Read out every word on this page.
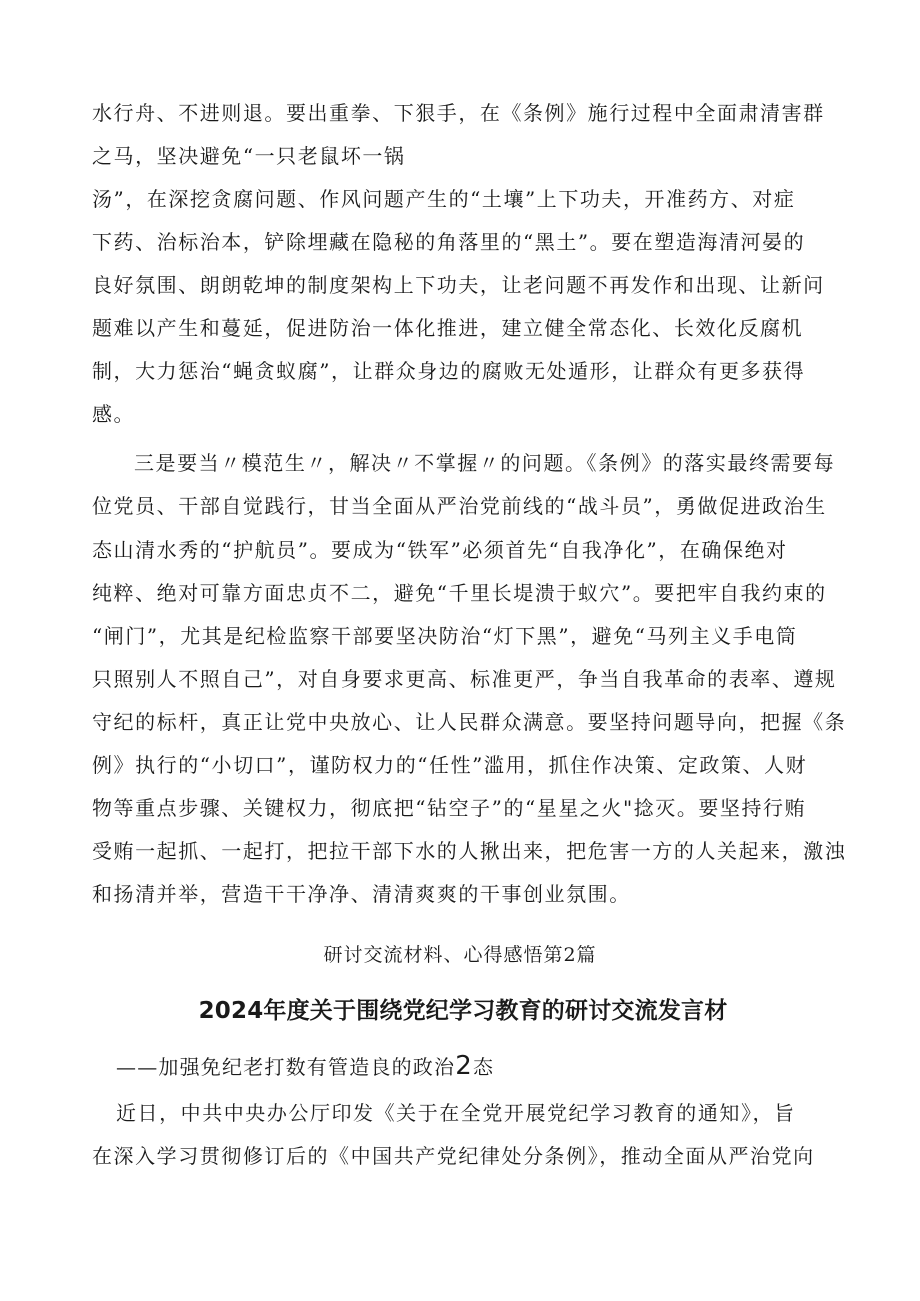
水行舟、不进则退。要出重拳、下狠手，在《条例》施行过程中全面肃清害群
之马，坚决避免“一只老鼠坏一锅
汤”，在深挖贪腐问题、作风问题产生的“土壤”上下功夫，开准药方、对症
下药、治标治本，铲除埋藏在隐秘的角落里的“黑土”。要在塑造海清河晏的
良好氛围、朗朗乾坤的制度架构上下功夫，让老问题不再发作和出现、让新问
题难以产生和蔓延，促进防治一体化推进，建立健全常态化、长效化反腐机
制，大力惩治“蝇贪蚁腐”，让群众身边的腐败无处遁形，让群众有更多获得
感。
三是要当〃模范生〃，解决〃不掌握〃的问题。《条例》的落实最终需要每
位党员、干部自觉践行，甘当全面从严治党前线的“战斗员”，勇做促进政治生
态山清水秀的“护航员”。要成为“铁军”必须首先“自我净化”，在确保绝对
纯粹、绝对可靠方面忠贞不二，避免“千里长堤溃于蚁穴”。要把牢自我约束的
“闸门”，尤其是纪检监察干部要坚决防治“灯下黑”，避免“马列主义手电筒
只照别人不照自己”，对自身要求更高、标准更严，争当自我革命的表率、遵规
守纪的标杆，真正让党中央放心、让人民群众满意。要坚持问题导向，把握《条
例》执行的“小切口”，谨防权力的“任性”滥用，抓住作决策、定政策、人财
物等重点步骤、关键权力，彻底把“钻空子”的“星星之火"捻灭。要坚持行贿
受贿一起抓、一起打，把拉干部下水的人揪出来，把危害一方的人关起来，激浊
和扬清并举，营造干干净净、清清爽爽的干事创业氛围。
研讨交流材料、心得感悟第2篇
2024年度关于围绕党纪学习教育的研讨交流发言材
——加强免纪老打数有管造良的政治2态
近日，中共中央办公厅印发《关于在全党开展党纪学习教育的通知》，旨
在深入学习贯彻修订后的《中国共产党纪律处分条例》，推动全面从严治党向
